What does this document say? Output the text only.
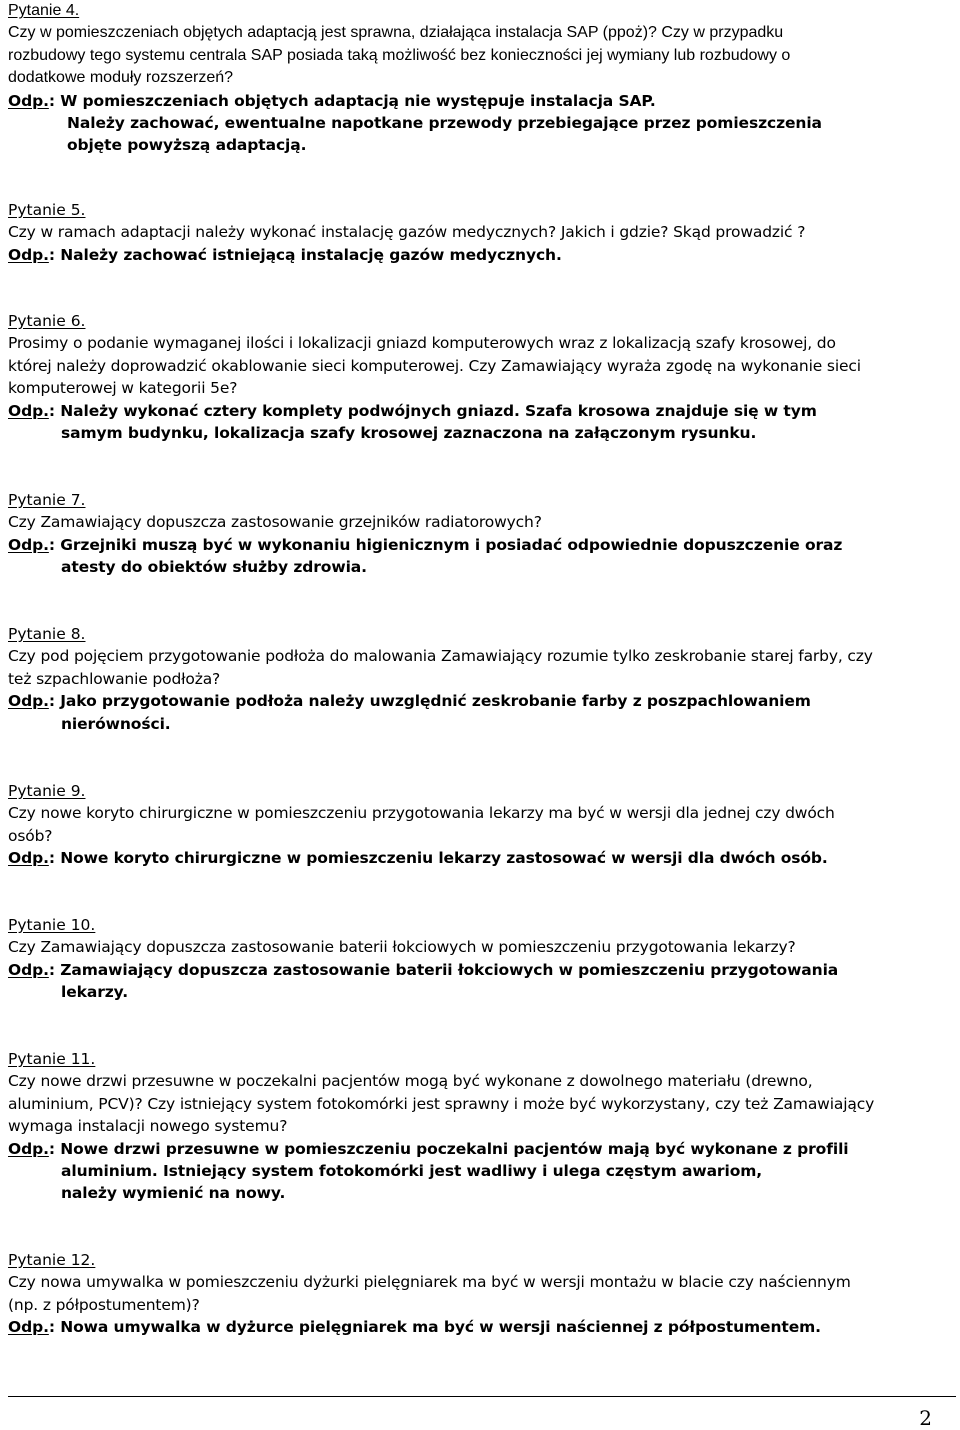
Pytanie 4.
Czy w pomieszczeniach objętych adaptacją jest sprawna, działająca instalacja SAP (ppoż)? Czy w przypadku
rozbudowy tego systemu centrala SAP posiada taką możliwość bez konieczności jej wymiany lub rozbudowy o
dodatkowe moduły rozszerzeń?
Odp.: W pomieszczeniach objętych adaptacją nie występuje instalacja SAP.
Należy zachować, ewentualne napotkane przewody przebiegające przez pomieszczenia
objęte powyższą adaptacją.
Pytanie 5.
Czy w ramach adaptacji należy wykonać instalację gazów medycznych? Jakich i gdzie? Skąd prowadzić ?
Odp.: Należy zachować istniejącą instalację gazów medycznych.
Pytanie 6.
Prosimy o podanie wymaganej ilości i lokalizacji gniazd komputerowych wraz z lokalizacją szafy krosowej, do
której należy doprowadzić okablowanie sieci komputerowej. Czy Zamawiający wyraża zgodę na wykonanie sieci
komputerowej w kategorii 5e?
Odp.: Należy wykonać cztery komplety podwójnych gniazd. Szafa krosowa znajduje się w tym
samym budynku, lokalizacja szafy krosowej zaznaczona na załączonym rysunku.
Pytanie 7.
Czy Zamawiający dopuszcza zastosowanie grzejników radiatorowych?
Odp.: Grzejniki muszą być w wykonaniu higienicznym i posiadać odpowiednie dopuszczenie oraz
atesty do obiektów służby zdrowia.
Pytanie 8.
Czy pod pojęciem przygotowanie podłoża do malowania Zamawiający rozumie tylko zeskrobanie starej farby, czy
też szpachlowanie podłoża?
Odp.: Jako przygotowanie podłoża należy uwzględnić zeskrobanie farby z poszpachlowaniem
nierówności.
Pytanie 9.
Czy nowe koryto chirurgiczne w pomieszczeniu przygotowania lekarzy ma być w wersji dla jednej czy dwóch
osób?
Odp.: Nowe koryto chirurgiczne w pomieszczeniu lekarzy zastosować w wersji dla dwóch osób.
Pytanie 10.
Czy Zamawiający dopuszcza zastosowanie baterii łokciowych w pomieszczeniu przygotowania lekarzy?
Odp.: Zamawiający dopuszcza zastosowanie baterii łokciowych w pomieszczeniu przygotowania
lekarzy.
Pytanie 11.
Czy nowe drzwi przesuwne w poczekalni pacjentów mogą być wykonane z dowolnego materiału (drewno,
aluminium, PCV)? Czy istniejący system fotokomórki jest sprawny i może być wykorzystany, czy też Zamawiający
wymaga instalacji nowego systemu?
Odp.: Nowe drzwi przesuwne w pomieszczeniu poczekalni pacjentów mają być wykonane z profili
aluminium. Istniejący system fotokomórki jest wadliwy i ulega częstym awariom,
należy wymienić na nowy.
Pytanie 12.
Czy nowa umywalka w pomieszczeniu dyżurki pielęgniarek ma być w wersji montażu w blacie czy naściennym
(np. z półpostumentem)?
Odp.: Nowa umywalka w dyżurce pielęgniarek ma być w wersji naściennej z półpostumentem.
2
